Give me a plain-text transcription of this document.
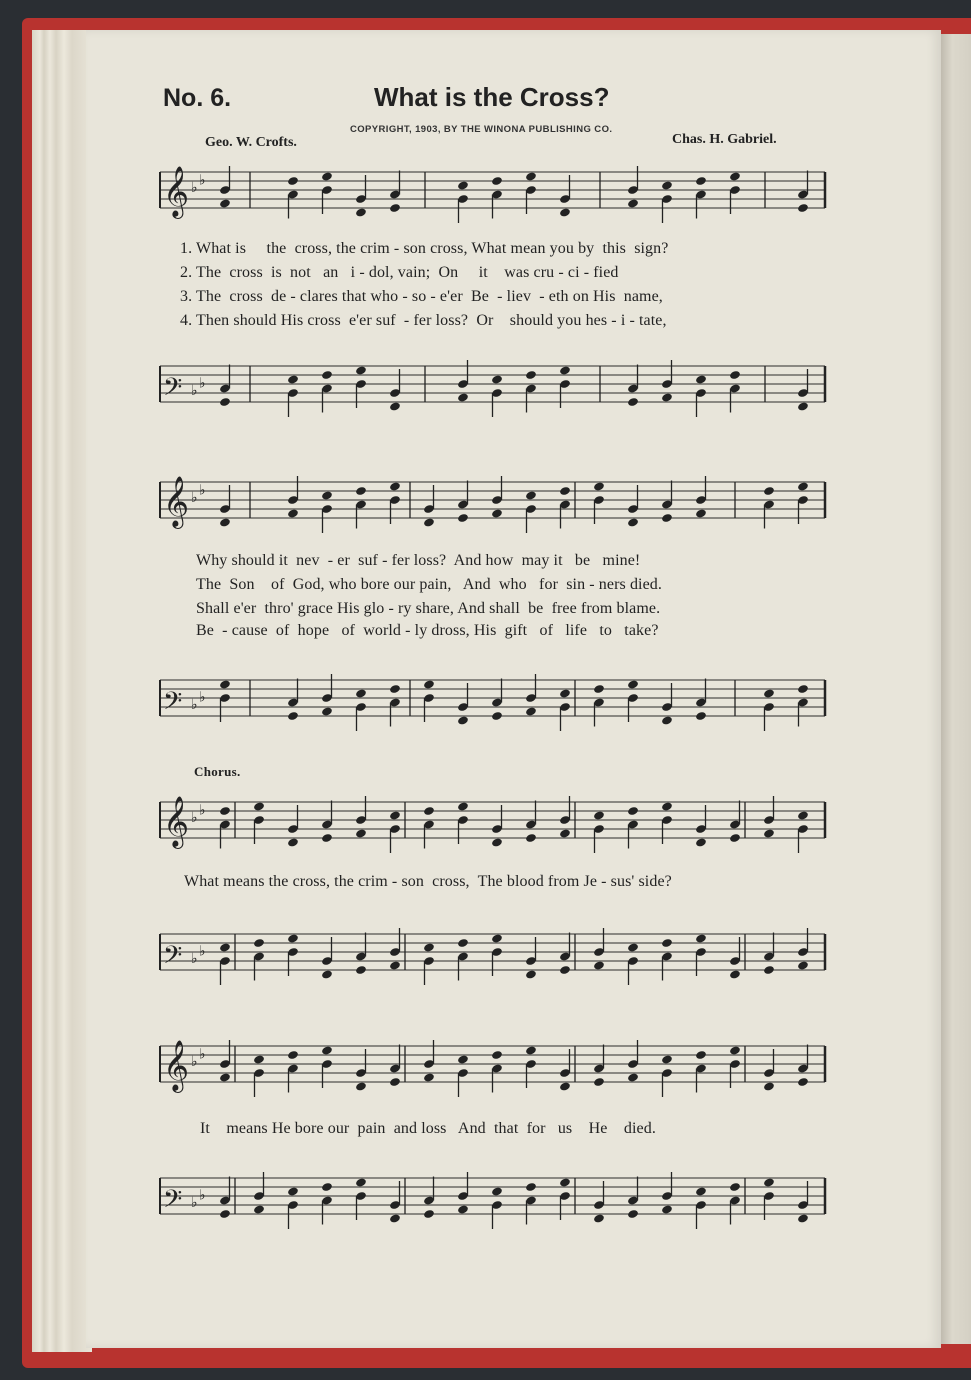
No. 6.	What is the Cross?
COPYRIGHT, 1903, BY THE WINONA PUBLISHING CO.
Geo. W. Crofts.	Chas. H. Gabriel.
𝄞 ♭ ♭
1. What is     the  cross, the crim - son cross, What mean you by  this  sign?
2. The  cross  is  not   an   i - dol, vain;  On     it    was cru - ci - fied
3. The  cross  de - clares that who - so - e'er  Be  - liev  - eth on His  name,
4. Then should His cross  e'er suf  - fer loss?  Or    should you hes - i - tate,
𝄢 ♭ ♭
𝄞 ♭ ♭
Why should it  nev  - er  suf - fer loss?  And how  may it   be   mine!
The  Son    of  God, who bore our pain,   And  who   for  sin - ners died.
Shall e'er  thro' grace His glo - ry share, And shall  be  free from blame.
Be  - cause  of  hope   of  world - ly dross, His  gift   of   life   to   take?
𝄢 ♭ ♭
Chorus.
𝄞 ♭ ♭
What means the cross, the crim - son  cross,  The blood from Je - sus' side?
𝄢 ♭ ♭
𝄞 ♭ ♭
It    means He bore our  pain  and loss   And  that  for   us    He    died.
𝄢 ♭ ♭
